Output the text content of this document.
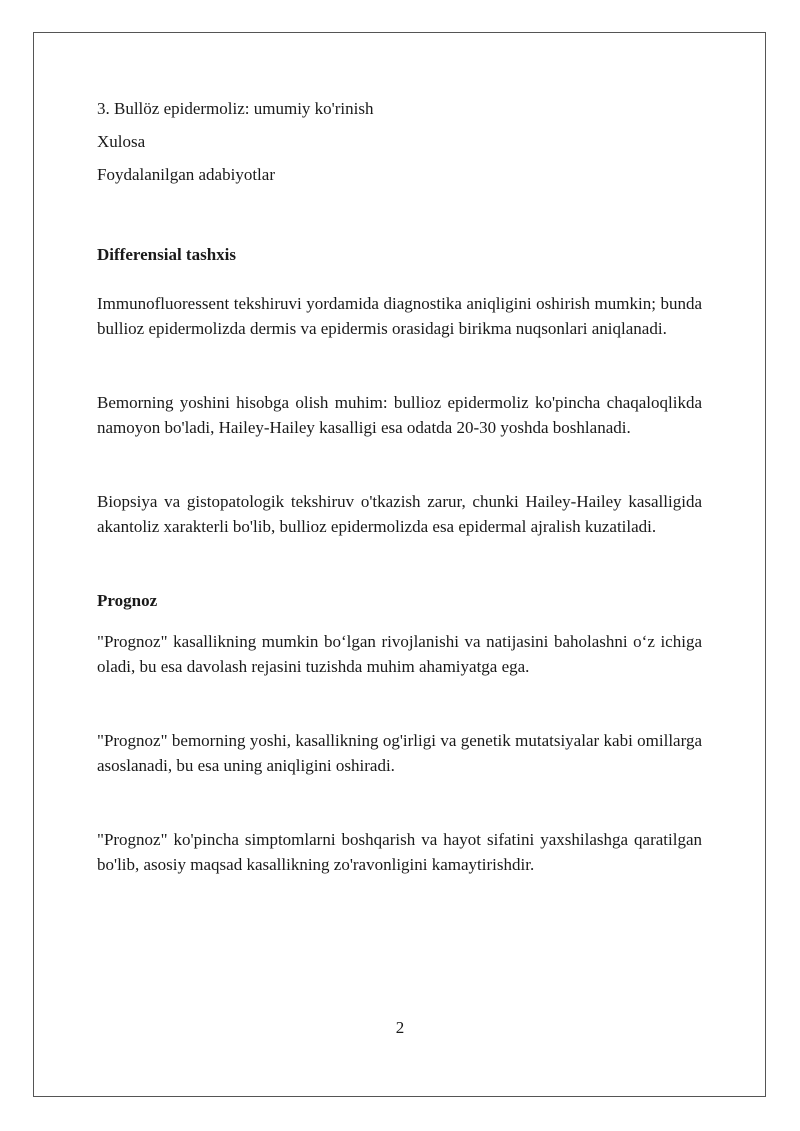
3. Bullöz epidermoliz: umumiy ko'rinish

Xulosa

Foydalanilgan adabiyotlar

Differensial tashxis

Immunofluoressent tekshiruvi yordamida diagnostika aniqligini oshirish mumkin; bunda bullioz epidermolizda dermis va epidermis orasidagi birikma nuqsonlari aniqlanadi.

Bemorning yoshini hisobga olish muhim: bullioz epidermoliz ko'pincha chaqaloqlikda namoyon bo'ladi, Hailey-Hailey kasalligi esa odatda 20-30 yoshda boshlanadi.

Biopsiya va gistopatologik tekshiruv o'tkazish zarur, chunki Hailey-Hailey kasalligida akantoliz xarakterli bo'lib, bullioz epidermolizda esa epidermal ajralish kuzatiladi.

Prognoz

"Prognoz" kasallikning mumkin bo‘lgan rivojlanishi va natijasini baholashni o‘z ichiga oladi, bu esa davolash rejasini tuzishda muhim ahamiyatga ega.

"Prognoz" bemorning yoshi, kasallikning og'irligi va genetik mutatsiyalar kabi omillarga asoslanadi, bu esa uning aniqligini oshiradi.

"Prognoz" ko'pincha simptomlarni boshqarish va hayot sifatini yaxshilashga qaratilgan bo'lib, asosiy maqsad kasallikning zo'ravonligini kamaytirishdir.

2
